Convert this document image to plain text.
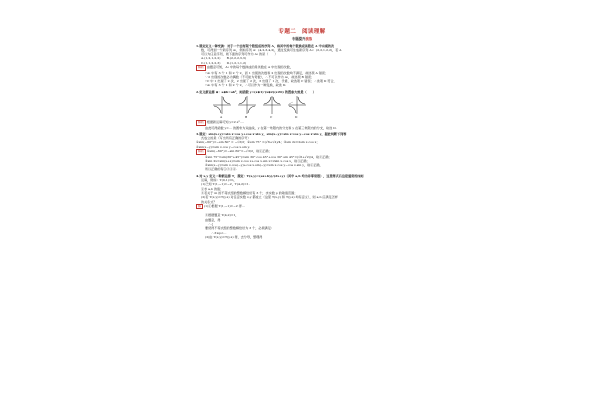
专题二　阅读理解
专题提升演练
1.规定定义一种变换：对于一个由有限个数组成的序列 A，将其中的每个数换成该数在 A 中出现的次
数，可得到一个新序列 A₁，例如序列 A：(4,2,3,4,2)，通过变换可生成新序列 A₁：(2,2,1,2,2)，若 A
可以为任意序列，则下面的序列可作为 A₁ 的是（　　）
A.(1,2,1,2,2)　　B.(2,2,2,3,3)
C.(1,1,2,2,3)　　D.(1,2,1,1,2)
解析 由题意可知，A₁ 中的每个数换成的是该数在 A 中出现的次数，
∵A₁ 中有 3 个 1 和 2 个 2，而 1 出现的次数和 2 出现的次数均不满足，故选项 A 错误；
∵2 出现的次数必为偶数（不可能为奇数），∴不可以作为 A₁，故选项 B 错误；
∵C 中 1 出现了 2 次，2 出现了 2 次，3 出现了 1 次，矛盾，故选项 C 错误；∴选项 D 符合，
∵A₁ 中有 3 个 1 和 2 个 2，∴可以作为一种变换，故选 D.
2.定义新运算 ⊕：a⊕b=ab²，则函数 y=(x⊕1)·(x⊕2)(x≠0) 的图象大致是（　　）
A	B	C	D
解析 根据新运算可知 y=2·x²·…
由此可得函数 y=… 的图象为双曲线，y 在第一象限内的分支和 y 在第三象限内的分支，故选 D.
3.规定：sin(x+y)=sin x·cos y+cos x·sin y，sin(x−y)=sin x·cos y−cos x·sin y，据此判断下列等
式成立的是（写出所有正确的序号）
①sin(−60°)=−sin 60° = −√3/2；②sin 75° =(√6+√2)/4；③sin 2x=2sin x·cos x；
④sin(x−y)=sin x·cos y−cos x·sin y.
解析 ①sin(−60°)=−sin 60°=−√3/2，故①正确；
②sin 75°=sin(30°+45°)=sin 30°·cos 45°+cos 30°·sin 45°=(√6+√2)/4，故②正确；
③sin 2x=sin(x+x)=sin x·cos x+cos x·sin x=2sin x·cos x，故③正确；
④sin(x−y)=sin x·cos(−y)+cos x·sin(−y)=sin x·cos y−cos x·sin y，故④正确，
所以正确的有①②③④.
4.对 x,y 定义一种新运算 T，规定：T(x,y)=(ax+by)/(2x+y)（其中 a,b 均为非零常数），这里等式右边是通常的四则
运算，例如：T(0,1)=b，
(1)已知 T(1,−1)=−2，T(4,2)=1.
①求 a,b 的值；
②若关于 m 的不等式组的整数解恰好有 3 个，求实数 p 的取值范围；
(2)若 T(x,y)=T(y,x) 对任意实数 x,y 都成立（这里 T(x,y) 和 T(y,x) 均有意义），则 a,b 应满足怎样
的关系式？
解 (1)①根据 T(1,−1)=−2 得…
②根据题意 T(4,2)=1，
由题意，得
　∴{
要使得不等式组的整数解恰好为 3 个，必须满足：
　　∴3≤p<…
(2)由 T(x,y)=T(y,x) 得，去分母，整理得
